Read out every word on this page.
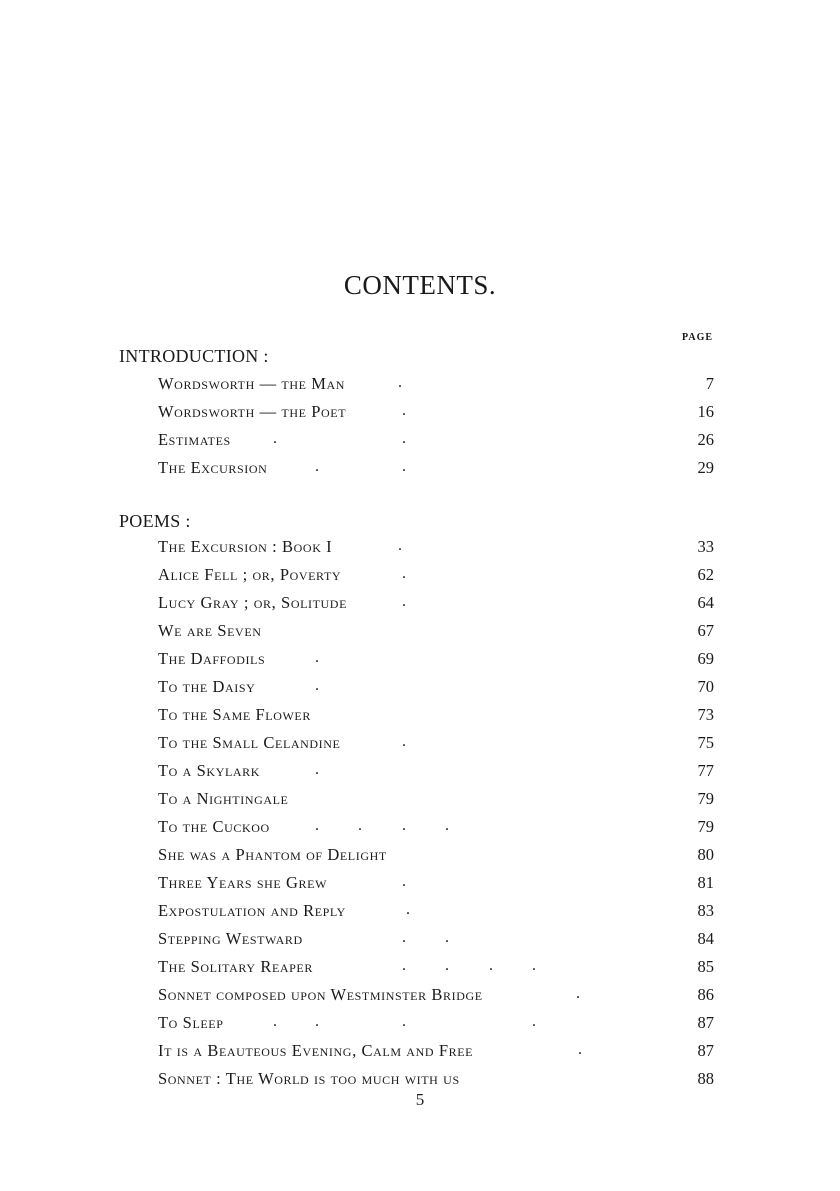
CONTENTS.
PAGE
INTRODUCTION :
Wordsworth — the Man	.	7
Wordsworth — the Poet	.	16
Estimates	.	.	26
The Excursion	.	.	29
POEMS :
The Excursion : Book I	.	33
Alice Fell ; or, Poverty	.	62
Lucy Gray ; or, Solitude	.	64
We are Seven	67
The Daffodils	.	69
To the Daisy	.	70
To the Same Flower	73
To the Small Celandine	.	75
To a Skylark	.	77
To a Nightingale	79
To the Cuckoo	. .	. .	79
She was a Phantom of Delight	80
Three Years she Grew	.	81
Expostulation and Reply	.	83
Stepping Westward	. .	84
The Solitary Reaper	. .	. .	85
Sonnet composed upon Westminster Bridge	.	86
To Sleep	. .	.	.	87
It is a Beauteous Evening, Calm and Free	.	87
Sonnet : The World is too much with us	88
5
